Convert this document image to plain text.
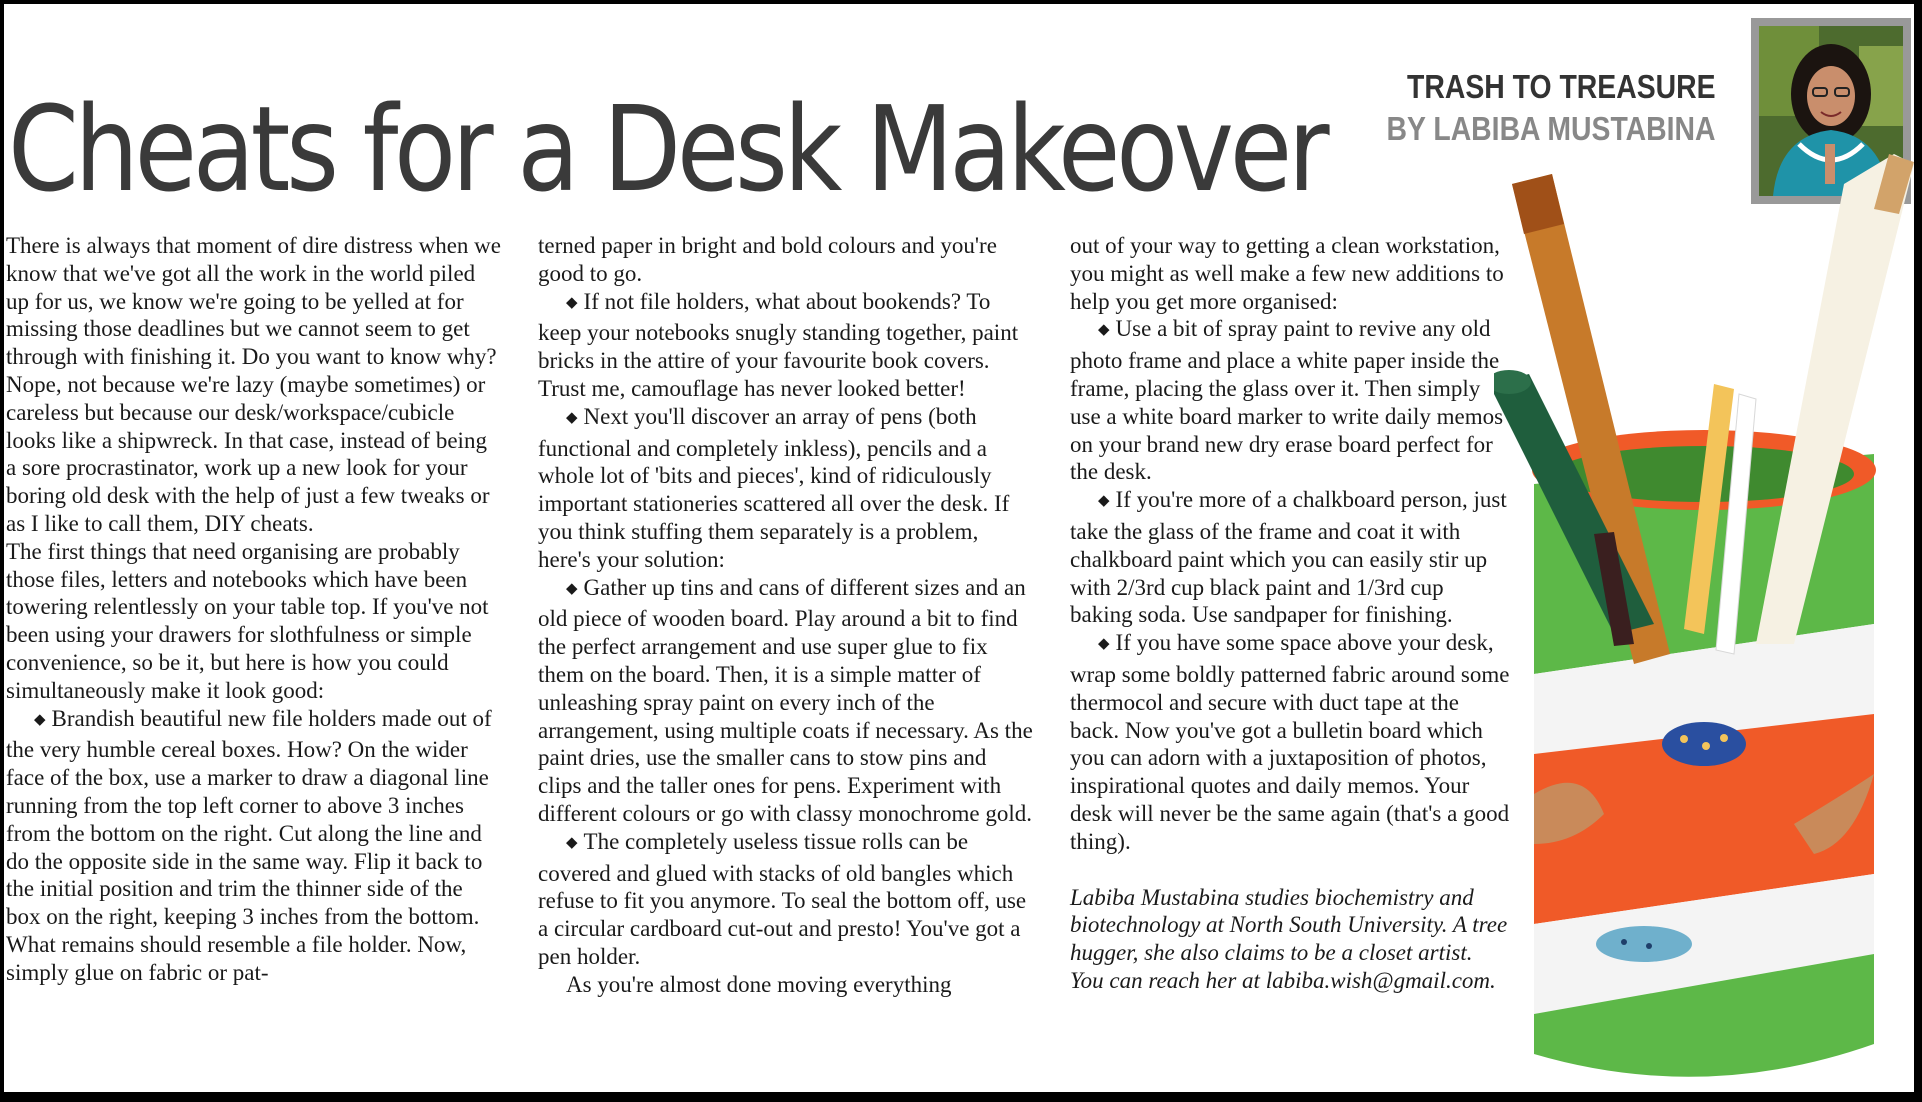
Cheats for a Desk Makeover	TRASH TO TREASURE
BY LABIBA MUSTABINA

There is always that moment of dire distress when we know that we've got all the work in the world piled up for us, we know we're going to be yelled at for missing those deadlines but we cannot seem to get through with finishing it. Do you want to know why? Nope, not because we're lazy (maybe sometimes) or careless but because our desk/workspace/cubicle looks like a shipwreck. In that case, instead of being a sore procrastinator, work up a new look for your boring old desk with the help of just a few tweaks or as I like to call them, DIY cheats.

The first things that need organising are probably those files, letters and notebooks which have been towering relentlessly on your table top. If you've not been using your drawers for slothfulness or simple convenience, so be it, but here is how you could simultaneously make it look good:

◆ Brandish beautiful new file holders made out of the very humble cereal boxes. How? On the wider face of the box, use a marker to draw a diagonal line running from the top left corner to above 3 inches from the bottom on the right. Cut along the line and do the opposite side in the same way. Flip it back to the initial position and trim the thinner side of the box on the right, keeping 3 inches from the bottom. What remains should resemble a file holder. Now, simply glue on fabric or pat-

terned paper in bright and bold colours and you're good to go.

◆ If not file holders, what about bookends? To keep your notebooks snugly standing together, paint bricks in the attire of your favourite book covers. Trust me, camouflage has never looked better!

◆ Next you'll discover an array of pens (both functional and completely inkless), pencils and a whole lot of 'bits and pieces', kind of ridiculously important stationeries scattered all over the desk. If you think stuffing them separately is a problem, here's your solution:

◆ Gather up tins and cans of different sizes and an old piece of wooden board. Play around a bit to find the perfect arrangement and use super glue to fix them on the board. Then, it is a simple matter of unleashing spray paint on every inch of the arrangement, using multiple coats if necessary. As the paint dries, use the smaller cans to stow pins and clips and the taller ones for pens. Experiment with different colours or go with classy monochrome gold.

◆ The completely useless tissue rolls can be covered and glued with stacks of old bangles which refuse to fit you anymore. To seal the bottom off, use a circular cardboard cut-out and presto! You've got a pen holder.

As you're almost done moving everything

out of your way to getting a clean workstation, you might as well make a few new additions to help you get more organised:

◆ Use a bit of spray paint to revive any old photo frame and place a white paper inside the frame, placing the glass over it. Then simply use a white board marker to write daily memos on your brand new dry erase board perfect for the desk.

◆ If you're more of a chalkboard person, just take the glass of the frame and coat it with chalkboard paint which you can easily stir up with 2/3rd cup black paint and 1/3rd cup baking soda. Use sandpaper for finishing.

◆ If you have some space above your desk, wrap some boldly patterned fabric around some thermocol and secure with duct tape at the back. Now you've got a bulletin board which you can adorn with a juxtaposition of photos, inspirational quotes and daily memos. Your desk will never be the same again (that's a good thing).

Labiba Mustabina studies biochemistry and biotechnology at North South University. A tree hugger, she also claims to be a closet artist. You can reach her at labiba.wish@gmail.com.
